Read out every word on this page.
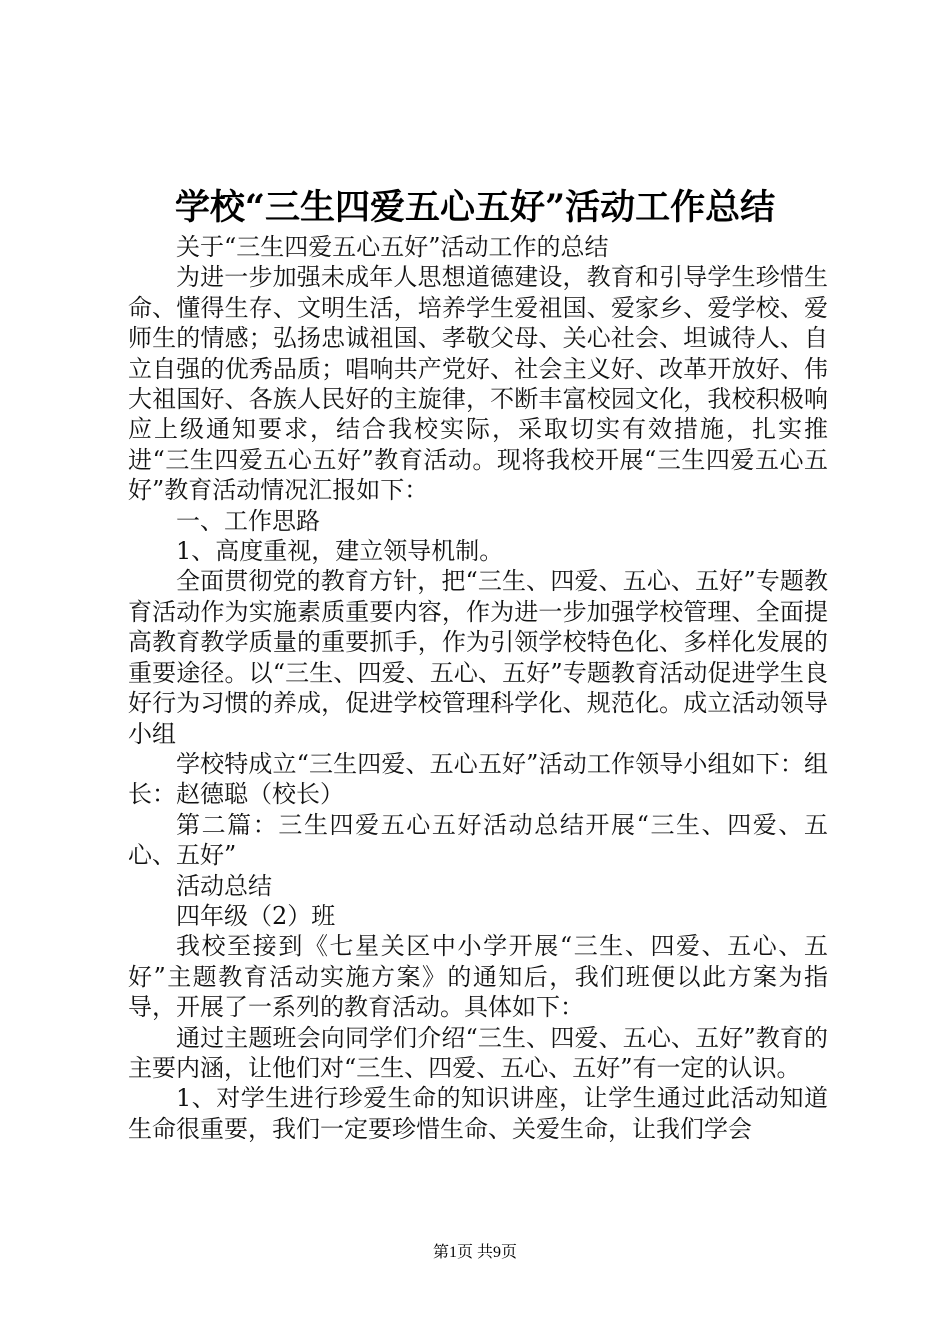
学校“三生四爱五心五好”活动工作总结

关于“三生四爱五心五好”活动工作的总结

为进一步加强未成年人思想道德建设，教育和引导学生珍惜生命、懂得生存、文明生活，培养学生爱祖国、爱家乡、爱学校、爱师生的情感；弘扬忠诚祖国、孝敬父母、关心社会、坦诚待人、自立自强的优秀品质；唱响共产党好、社会主义好、改革开放好、伟大祖国好、各族人民好的主旋律，不断丰富校园文化，我校积极响应上级通知要求，结合我校实际，采取切实有效措施，扎实推进“三生四爱五心五好”教育活动。现将我校开展“三生四爱五心五好”教育活动情况汇报如下：

一、工作思路

1、高度重视，建立领导机制。

全面贯彻党的教育方针，把“三生、四爱、五心、五好”专题教育活动作为实施素质重要内容，作为进一步加强学校管理、全面提高教育教学质量的重要抓手，作为引领学校特色化、多样化发展的重要途径。以“三生、四爱、五心、五好”专题教育活动促进学生良好行为习惯的养成，促进学校管理科学化、规范化。成立活动领导小组

学校特成立“三生四爱、五心五好”活动工作领导小组如下：组长：赵德聪（校长）

第二篇：三生四爱五心五好活动总结开展“三生、四爱、五心、五好”

活动总结

四年级（2）班

我校至接到《七星关区中小学开展“三生、四爱、五心、五好”主题教育活动实施方案》的通知后，我们班便以此方案为指导，开展了一系列的教育活动。具体如下：

通过主题班会向同学们介绍“三生、四爱、五心、五好”教育的主要内涵，让他们对“三生、四爱、五心、五好”有一定的认识。

1、对学生进行珍爱生命的知识讲座，让学生通过此活动知道生命很重要，我们一定要珍惜生命、关爱生命，让我们学会

第1页 共9页
